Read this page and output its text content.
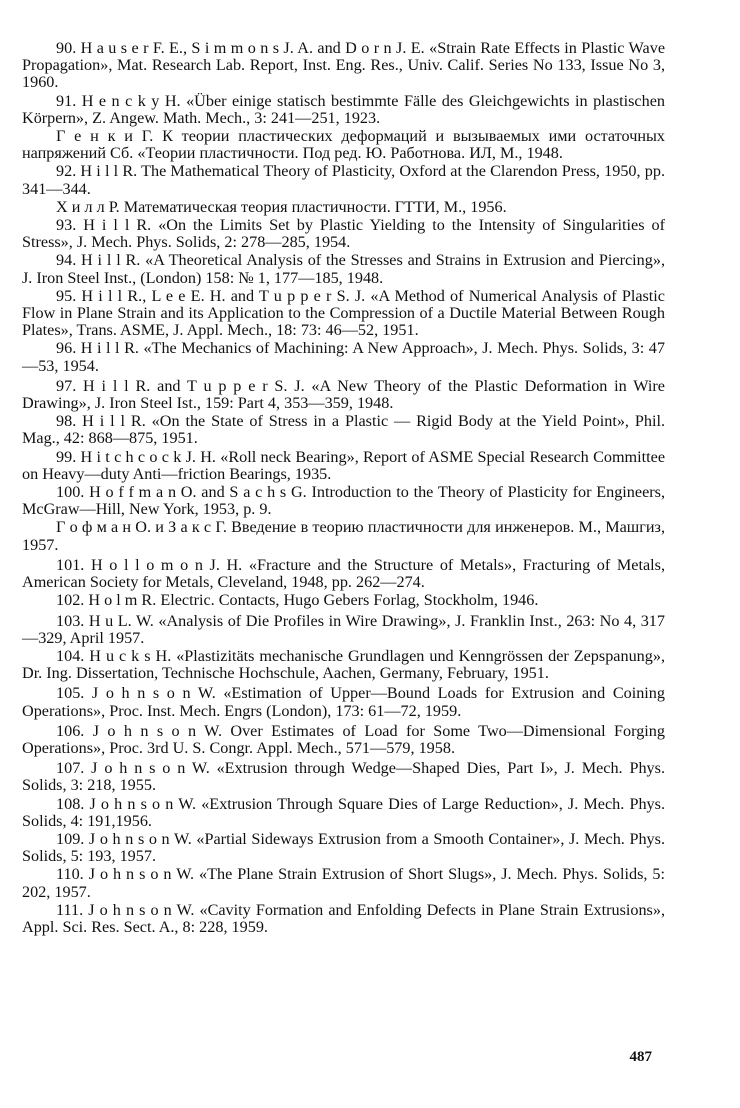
90. H a u s e r F. E., S i m m o n s J. A. and D o r n J. E. «Strain Rate Effects in Plastic Wave Propagation», Mat. Research Lab. Report, Inst. Eng. Res., Univ. Calif. Series No 133, Issue No 3, 1960.

91. H e n c k y H. «Über einige statisch bestimmte Fälle des Gleichgewichts in plastischen Körpern», Z. Angew. Math. Mech., 3: 241—251, 1923.

Г е н к и Г. К теории пластических деформаций и вызываемых ими остаточных напряжений Сб. «Теории пластичности. Под ред. Ю. Работнова. ИЛ, М., 1948.

92. H i l l R. The Mathematical Theory of Plasticity, Oxford at the Clarendon Press, 1950, pp. 341—344.

Х и л л Р. Математическая теория пластичности. ГТТИ, М., 1956.

93. H i l l R. «On the Limits Set by Plastic Yielding to the Intensity of Singularities of Stress», J. Mech. Phys. Solids, 2: 278—285, 1954.

94. H i l l R. «A Theoretical Analysis of the Stresses and Strains in Extrusion and Piercing», J. Iron Steel Inst., (London) 158: № 1, 177—185, 1948.

95. H i l l R., L e e E. H. and T u p p e r S. J. «A Method of Numerical Analysis of Plastic Flow in Plane Strain and its Application to the Compression of a Ductile Material Between Rough Plates», Trans. ASME, J. Appl. Mech., 18: 73: 46—52, 1951.

96. H i l l R. «The Mechanics of Machining: A New Approach», J. Mech. Phys. Solids, 3: 47—53, 1954.

97. H i l l R. and T u p p e r S. J. «A New Theory of the Plastic Deformation in Wire Drawing», J. Iron Steel Ist., 159: Part 4, 353—359, 1948.

98. H i l l R. «On the State of Stress in a Plastic — Rigid Body at the Yield Point», Phil. Mag., 42: 868—875, 1951.

99. H i t c h c o c k J. H. «Roll neck Bearing», Report of ASME Special Research Committee on Heavy—duty Anti—friction Bearings, 1935.

100. H o f f m a n O. and S a c h s G. Introduction to the Theory of Plasticity for Engineers, McGraw—Hill, New York, 1953, p. 9.

Г о ф м а н О. и З а к с Г. Введение в теорию пластичности для инженеров. М., Машгиз, 1957.

101. H o l l o m o n J. H. «Fracture and the Structure of Metals», Fracturing of Metals, American Society for Metals, Cleveland, 1948, pp. 262—274.

102. H o l m R. Electric. Contacts, Hugo Gebers Forlag, Stockholm, 1946.

103. H u L. W. «Analysis of Die Profiles in Wire Drawing», J. Franklin Inst., 263: No 4, 317—329, April 1957.

104. H u c k s H. «Plastizitäts mechanische Grundlagen und Kenngrössen der Zepspanung», Dr. Ing. Dissertation, Technische Hochschule, Aachen, Germany, February, 1951.

105. J o h n s o n W. «Estimation of Upper—Bound Loads for Extrusion and Coining Operations», Proc. Inst. Mech. Engrs (London), 173: 61—72, 1959.

106. J o h n s o n W. Over Estimates of Load for Some Two—Dimensional Forging Operations», Proc. 3rd U. S. Congr. Appl. Mech., 571—579, 1958.

107. J o h n s o n W. «Extrusion through Wedge—Shaped Dies, Part I», J. Mech. Phys. Solids, 3: 218, 1955.

108. J o h n s o n W. «Extrusion Through Square Dies of Large Reduction», J. Mech. Phys. Solids, 4: 191,1956.

109. J o h n s o n W. «Partial Sideways Extrusion from a Smooth Container», J. Mech. Phys. Solids, 5: 193, 1957.

110. J o h n s o n W. «The Plane Strain Extrusion of Short Slugs», J. Mech. Phys. Solids, 5: 202, 1957.

111. J o h n s o n W. «Cavity Formation and Enfolding Defects in Plane Strain Extrusions», Appl. Sci. Res. Sect. A., 8: 228, 1959.

487
